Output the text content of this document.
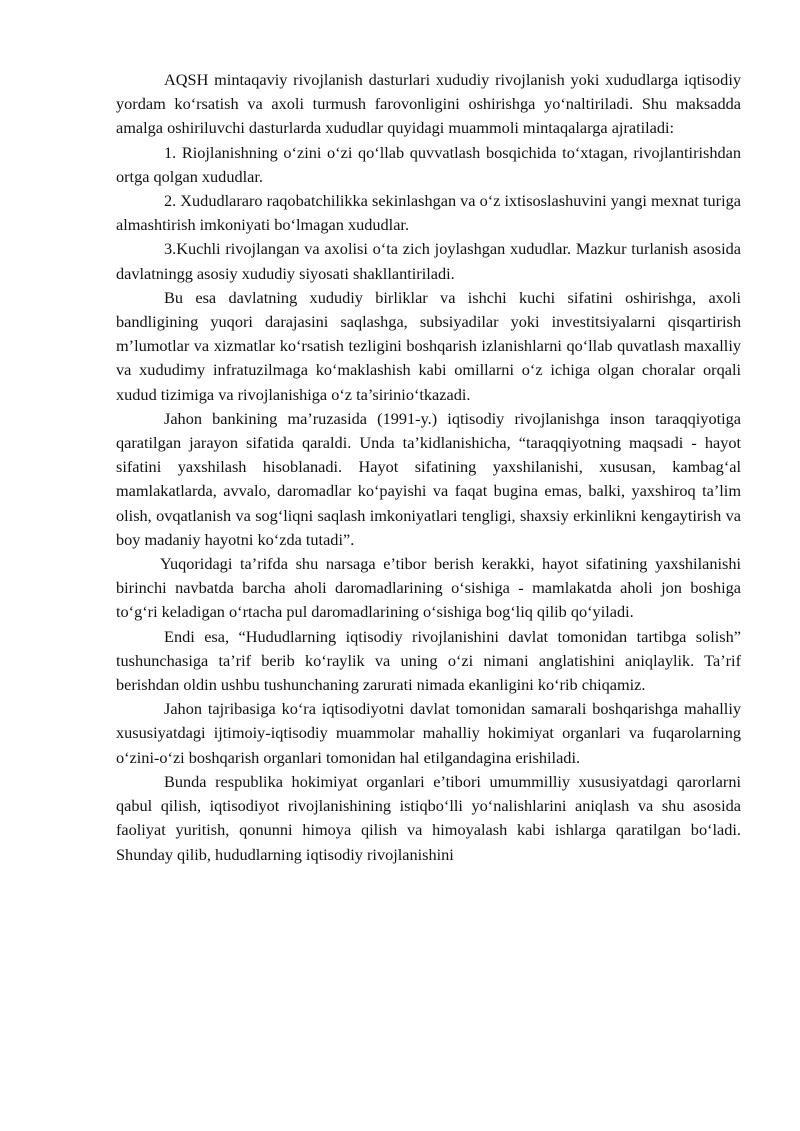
AQSH mintaqaviy rivojlanish dasturlari xududiy rivojlanish yoki xududlarga iqtisodiy yordam ko‘rsatish va axoli turmush farovonligini oshirishga yo‘naltiriladi. Shu maksadda amalga oshiriluvchi dasturlarda xududlar quyidagi muammoli mintaqalarga ajratiladi:

1. Riojlanishning o‘zini o‘zi qo‘llab quvvatlash bosqichida to‘xtagan, rivojlantirishdan ortga qolgan xududlar.

2. Xududlararo raqobatchilikka sekinlashgan va o‘z ixtisoslashuvini yangi mexnat turiga almashtirish imkoniyati bo‘lmagan xududlar.

3.Kuchli rivojlangan va axolisi o‘ta zich joylashgan xududlar. Mazkur turlanish asosida davlatningg asosiy xududiy siyosati shakllantiriladi.

Bu esa davlatning xududiy birliklar va ishchi kuchi sifatini oshirishga, axoli bandligining yuqori darajasini saqlashga, subsiyadilar yoki investitsiyalarni qisqartirish m’lumotlar va xizmatlar ko‘rsatish tezligini boshqarish izlanishlarni qo‘llab quvatlash maxalliy va xududimy infratuzilmaga ko‘maklashish kabi omillarni o‘z ichiga olgan choralar orqali xudud tizimiga va rivojlanishiga o‘z ta’sirinio‘tkazadi.

Jahon bankining ma’ruzasida (1991-y.) iqtisodiy rivojlanishga inson taraqqiyotiga qaratilgan jarayon sifatida qaraldi. Unda ta’kidlanishicha, “taraqqiyotning maqsadi - hayot sifatini yaxshilash hisoblanadi. Hayot sifatining yaxshilanishi, xususan, kambag‘al mamlakatlarda, avvalo, daromadlar ko‘payishi va faqat bugina emas, balki, yaxshiroq ta’lim olish, ovqatlanish va sog‘liqni saqlash imkoniyatlari tengligi, shaxsiy erkinlikni kengaytirish va boy madaniy hayotni ko‘zda tutadi”.

Yuqoridagi ta’rifda shu narsaga e’tibor berish kerakki, hayot sifatining yaxshilanishi birinchi navbatda barcha aholi daromadlarining o‘sishiga - mamlakatda aholi jon boshiga to‘g‘ri keladigan o‘rtacha pul daromadlarining o‘sishiga bog‘liq qilib qo‘yiladi.

Endi esa, “Hududlarning iqtisodiy rivojlanishini davlat tomonidan tartibga solish” tushunchasiga ta’rif berib ko‘raylik va uning o‘zi nimani anglatishini aniqlaylik. Ta’rif berishdan oldin ushbu tushunchaning zarurati nimada ekanligini ko‘rib chiqamiz.

Jahon tajribasiga ko‘ra iqtisodiyotni davlat tomonidan samarali boshqarishga mahalliy xususiyatdagi ijtimoiy-iqtisodiy muammolar mahalliy hokimiyat organlari va fuqarolarning o‘zini-o‘zi boshqarish organlari tomonidan hal etilgandagina erishiladi.

Bunda respublika hokimiyat organlari e’tibori umummilliy xususiyatdagi qarorlarni qabul qilish, iqtisodiyot rivojlanishining istiqbo‘lli yo‘nalishlarini aniqlash va shu asosida faoliyat yuritish, qonunni himoya qilish va himoyalash kabi ishlarga qaratilgan bo‘ladi. Shunday qilib, hududlarning iqtisodiy rivojlanishini
